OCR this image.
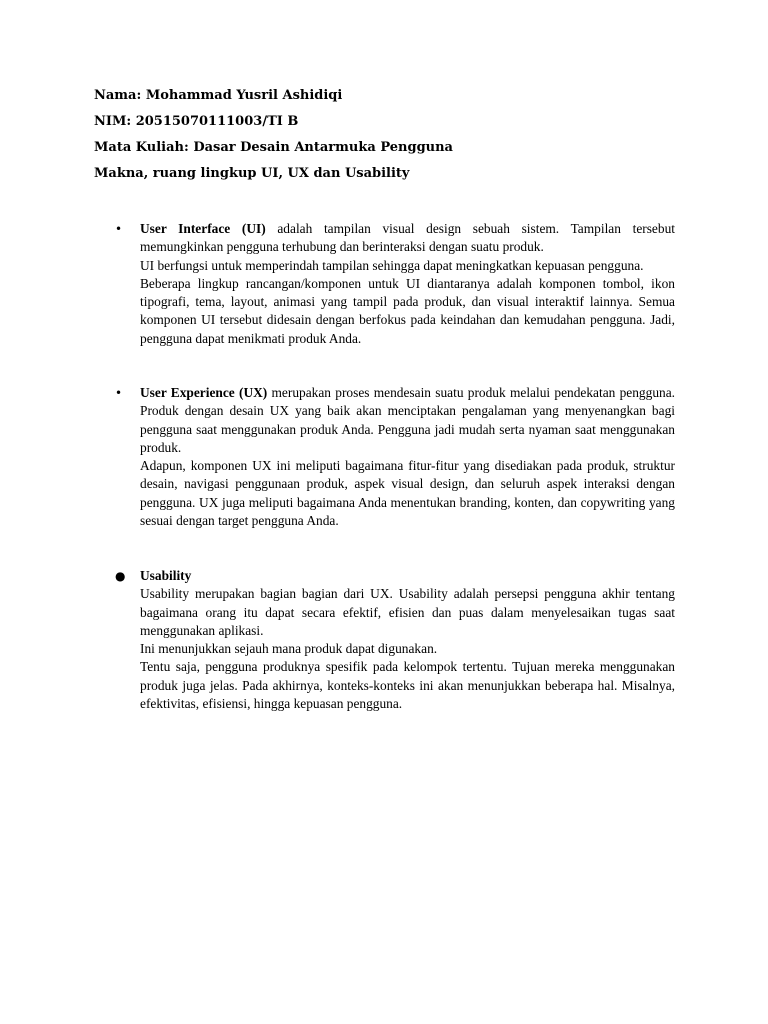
Nama: Mohammad Yusril Ashidiqi
NIM: 20515070111003/TI B
Mata Kuliah: Dasar Desain Antarmuka Pengguna
Makna, ruang lingkup UI, UX dan Usability
•	User Interface (UI) adalah tampilan visual design sebuah sistem. Tampilan tersebut memungkinkan pengguna terhubung dan berinteraksi dengan suatu produk.

UI berfungsi untuk memperindah tampilan sehingga dapat meningkatkan kepuasan pengguna.

Beberapa lingkup rancangan/komponen untuk UI diantaranya adalah komponen tombol, ikon tipografi, tema, layout, animasi yang tampil pada produk, dan visual interaktif lainnya. Semua komponen UI tersebut didesain dengan berfokus pada keindahan dan kemudahan pengguna. Jadi, pengguna dapat menikmati produk Anda.

•	User Experience (UX) merupakan proses mendesain suatu produk melalui pendekatan pengguna. Produk dengan desain UX yang baik akan menciptakan pengalaman yang menyenangkan bagi pengguna saat menggunakan produk Anda. Pengguna jadi mudah serta nyaman saat menggunakan produk.

Adapun, komponen UX ini meliputi bagaimana fitur-fitur yang disediakan pada produk, struktur desain, navigasi penggunaan produk, aspek visual design, dan seluruh aspek interaksi dengan pengguna. UX juga meliputi bagaimana Anda menentukan branding, konten, dan copywriting yang sesuai dengan target pengguna Anda.

● Usability

Usability merupakan bagian bagian dari UX. Usability adalah persepsi pengguna akhir tentang bagaimana orang itu dapat secara efektif, efisien dan puas dalam menyelesaikan tugas saat menggunakan aplikasi.

Ini menunjukkan sejauh mana produk dapat digunakan.

Tentu saja, pengguna produknya spesifik pada kelompok tertentu. Tujuan mereka menggunakan produk juga jelas. Pada akhirnya, konteks-konteks ini akan menunjukkan beberapa hal. Misalnya, efektivitas, efisiensi, hingga kepuasan pengguna.
